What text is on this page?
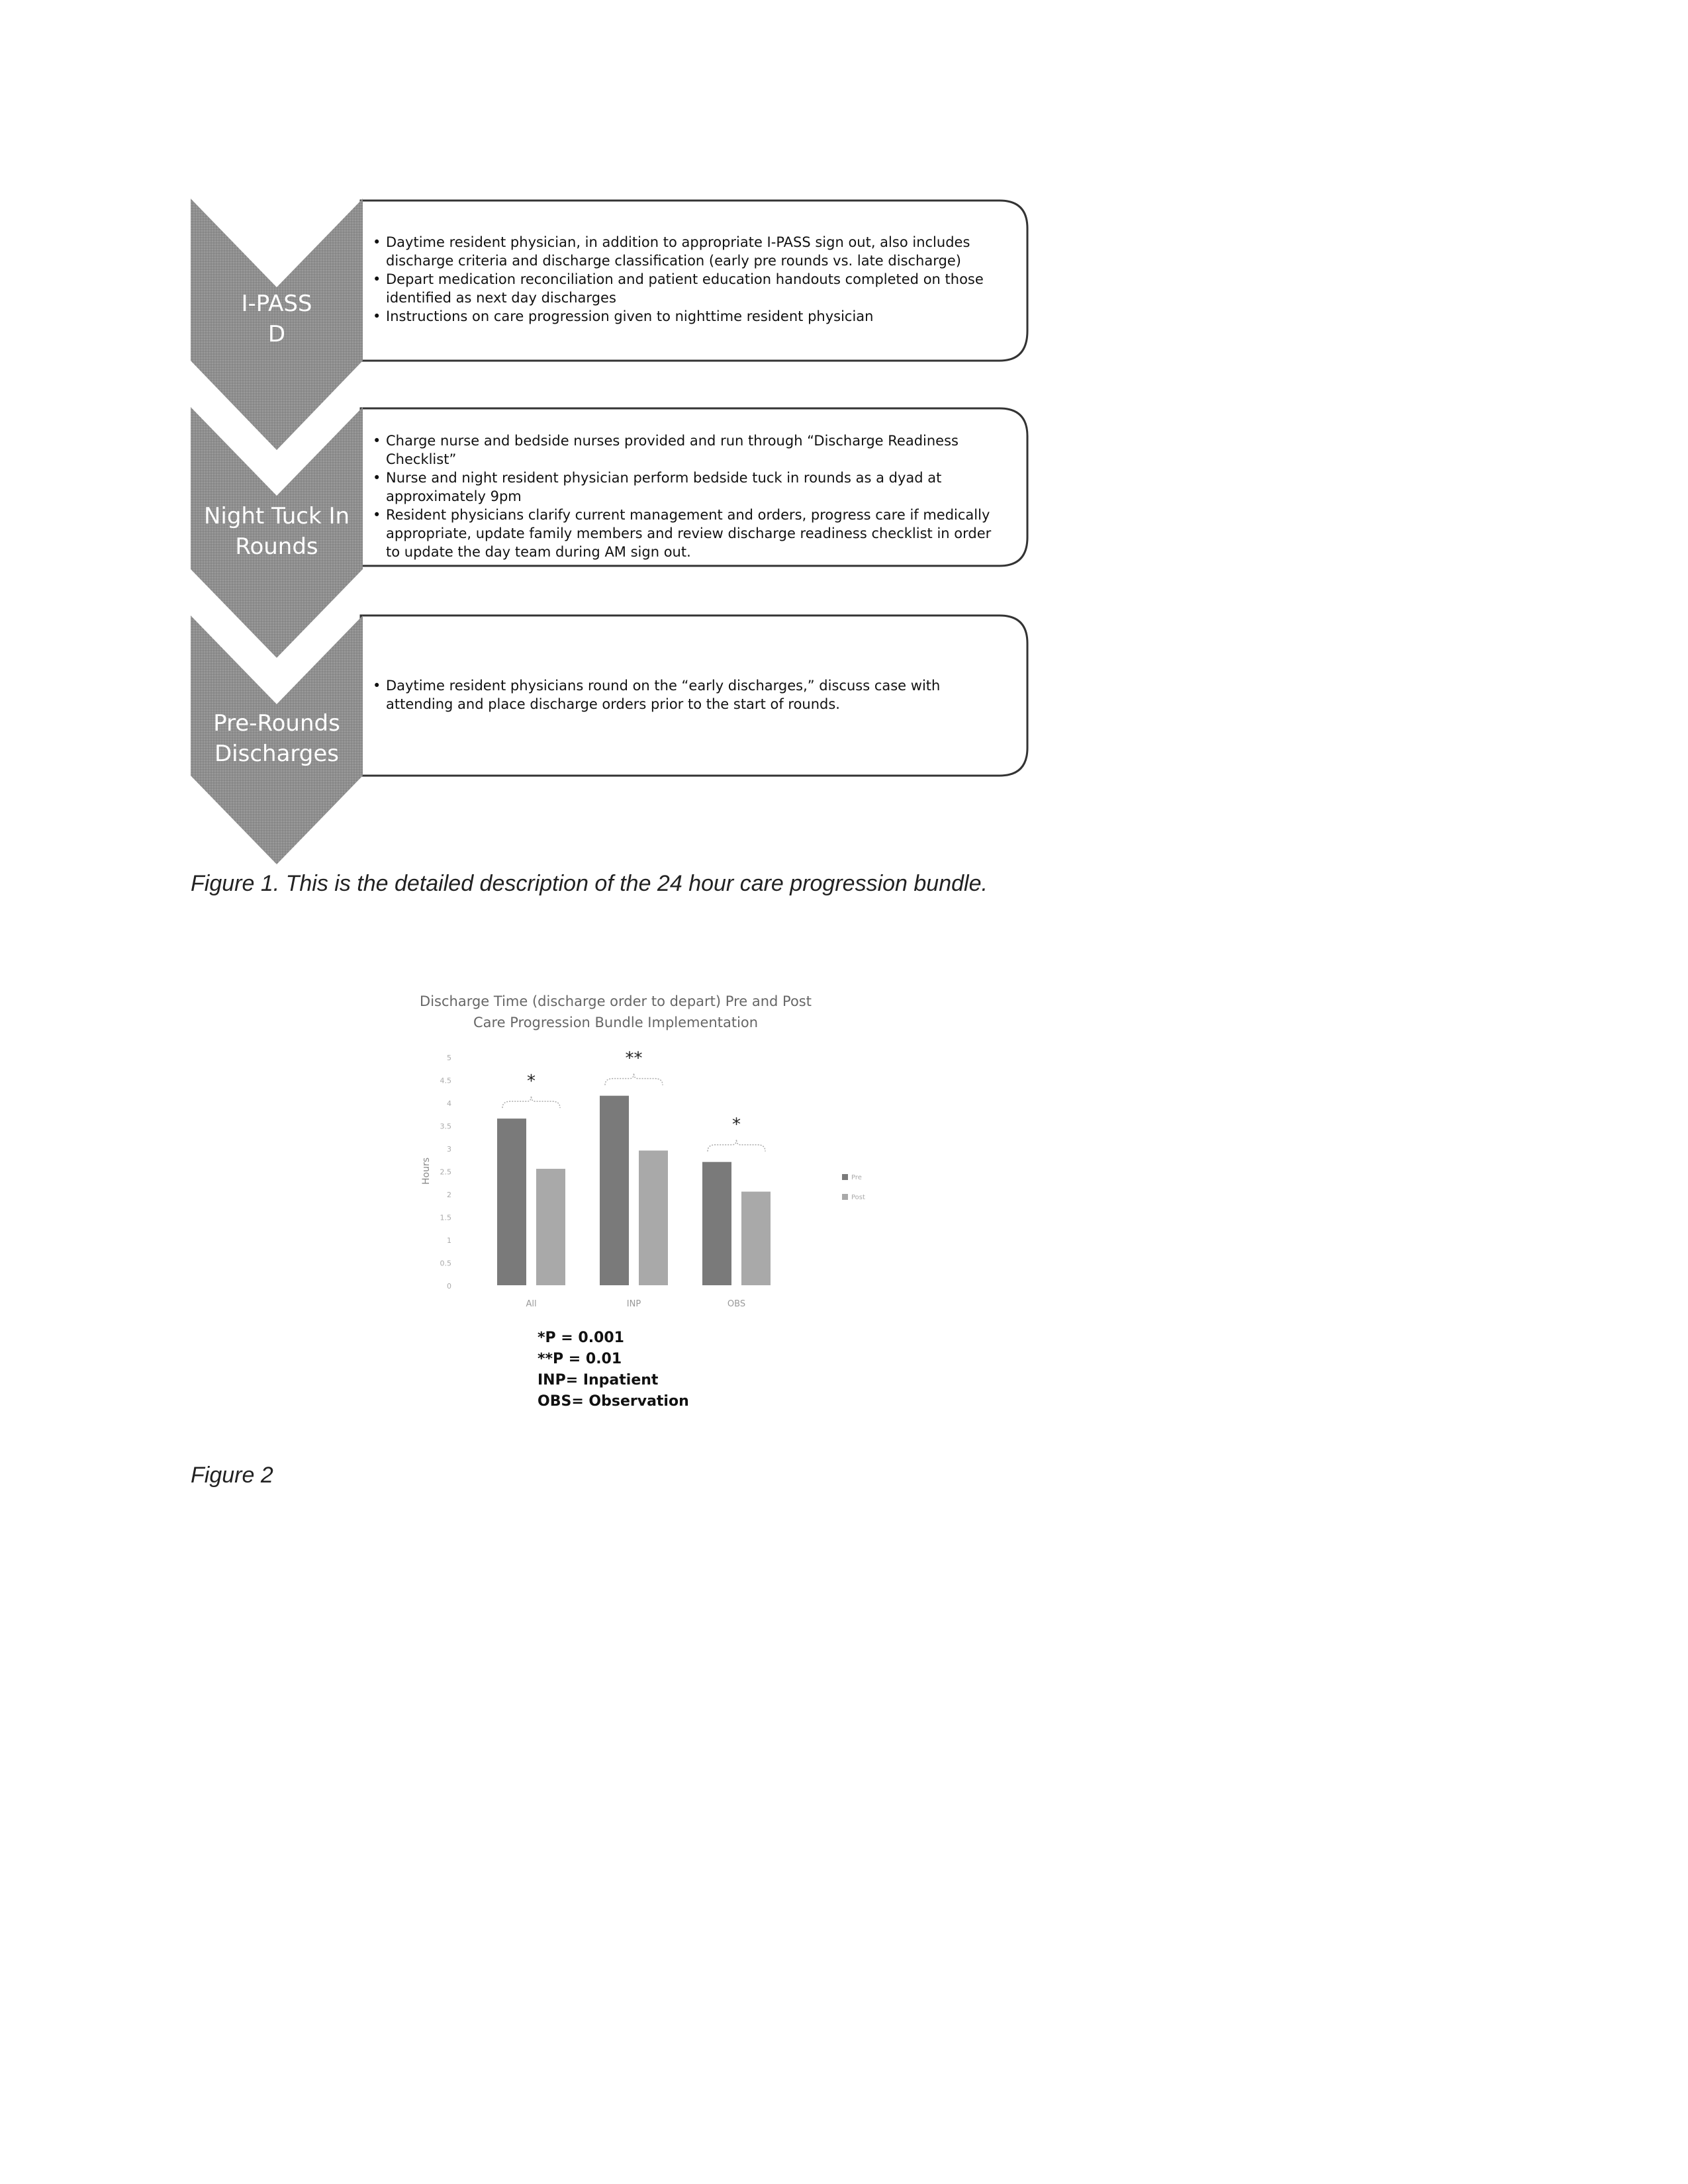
I-PASS
D
Night Tuck In
Rounds
Pre-Rounds
Discharges
• Daytime resident physician, in addition to appropriate I-PASS sign out, also includes discharge criteria and discharge classification (early pre rounds vs. late discharge)
• Depart medication reconciliation and patient education handouts completed on those identified as next day discharges
• Instructions on care progression given to nighttime resident physician
• Charge nurse and bedside nurses provided and run through “Discharge Readiness Checklist”
• Nurse and night resident physician perform bedside tuck in rounds as a dyad at approximately 9pm
• Resident physicians clarify current management and orders, progress care if medically appropriate, update family members and review discharge readiness checklist in order to update the day team during AM sign out.
• Daytime resident physicians round on the “early discharges,” discuss case with attending and place discharge orders prior to the start of rounds.
Figure 1. This is the detailed description of the 24 hour care progression bundle.
Discharge Time (discharge order to depart) Pre and Post
Care Progression Bundle Implementation
0
0.5
1
1.5
2
2.5
3
3.5
4
4.5
5
Hours
All	INP	OBS
*
**
*
Pre
Post
*P = 0.001
**P = 0.01
INP= Inpatient
OBS= Observation
Figure 2
